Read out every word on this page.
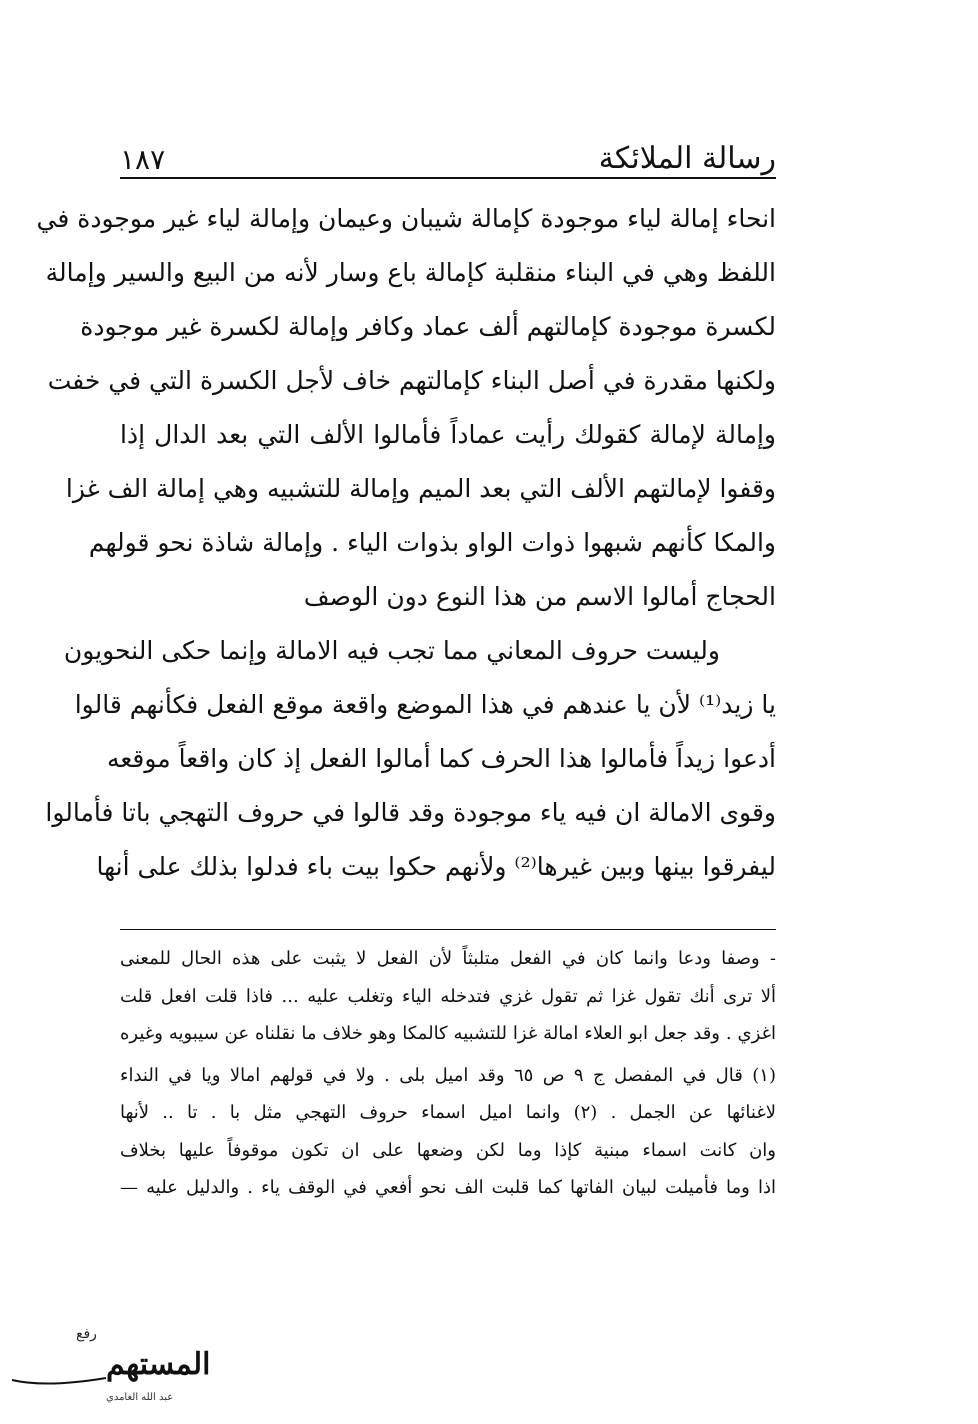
رسالة الملائكة
١٨٧
انحاء إمالة لياء موجودة كإمالة شيبان وعيمان وإمالة لياء غير موجودة في
اللفظ وهي في البناء منقلبة كإمالة باع وسار لأنه من البيع والسير وإمالة
لكسرة موجودة كإمالتهم ألف عماد وكافر وإمالة لكسرة غير موجودة
ولكنها مقدرة في أصل البناء كإمالتهم خاف لأجل الكسرة التي في خفت
وإمالة لإمالة كقولك رأيت عماداً فأمالوا الألف التي بعد الدال إذا
وقفوا لإمالتهم الألف التي بعد الميم وإمالة للتشبيه وهي إمالة الف غزا
والمكا كأنهم شبهوا ذوات الواو بذوات الياء . وإمالة شاذة نحو قولهم
الحجاج أمالوا الاسم من هذا النوع دون الوصف
وليست حروف المعاني مما تجب فيه الامالة وإنما حكى النحويون
يا زيد⁽¹⁾ لأن يا عندهم في هذا الموضع واقعة موقع الفعل فكأنهم قالوا
أدعوا زيداً فأمالوا هذا الحرف كما أمالوا الفعل إذ كان واقعاً موقعه
وقوى الامالة ان فيه ياء موجودة وقد قالوا في حروف التهجي باتا فأمالوا
ليفرقوا بينها وبين غيرها⁽²⁾ ولأنهم حكوا بيت باء فدلوا بذلك على أنها
- وصفا ودعا وانما كان في الفعل متلبثاً لأن الفعل لا يثبت على هذه الحال للمعنى
ألا ترى أنك تقول غزا ثم تقول غزي فتدخله الياء وتغلب عليه ... فاذا قلت افعل قلت
اغزي . وقد جعل ابو العلاء امالة غزا للتشبيه كالمكا وهو خلاف ما نقلناه عن سيبويه وغيره
(١) قال في المفصل ج ٩ ص ٦٥ وقد اميل بلى . ولا في قولهم امالا ويا في النداء
لاغنائها عن الجمل . (٢) وانما اميل اسماء حروف التهجي مثل با . تا .. لأنها
وان كانت اسماء مبنية كإذا وما لكن وضعها على ان تكون موقوفاً عليها بخلاف
اذا وما فأميلت لبيان الفاتها كما قلبت الف نحو أفعي في الوقف ياء . والدليل عليه —
رفع
المستهم
عبد الله الغامدي
